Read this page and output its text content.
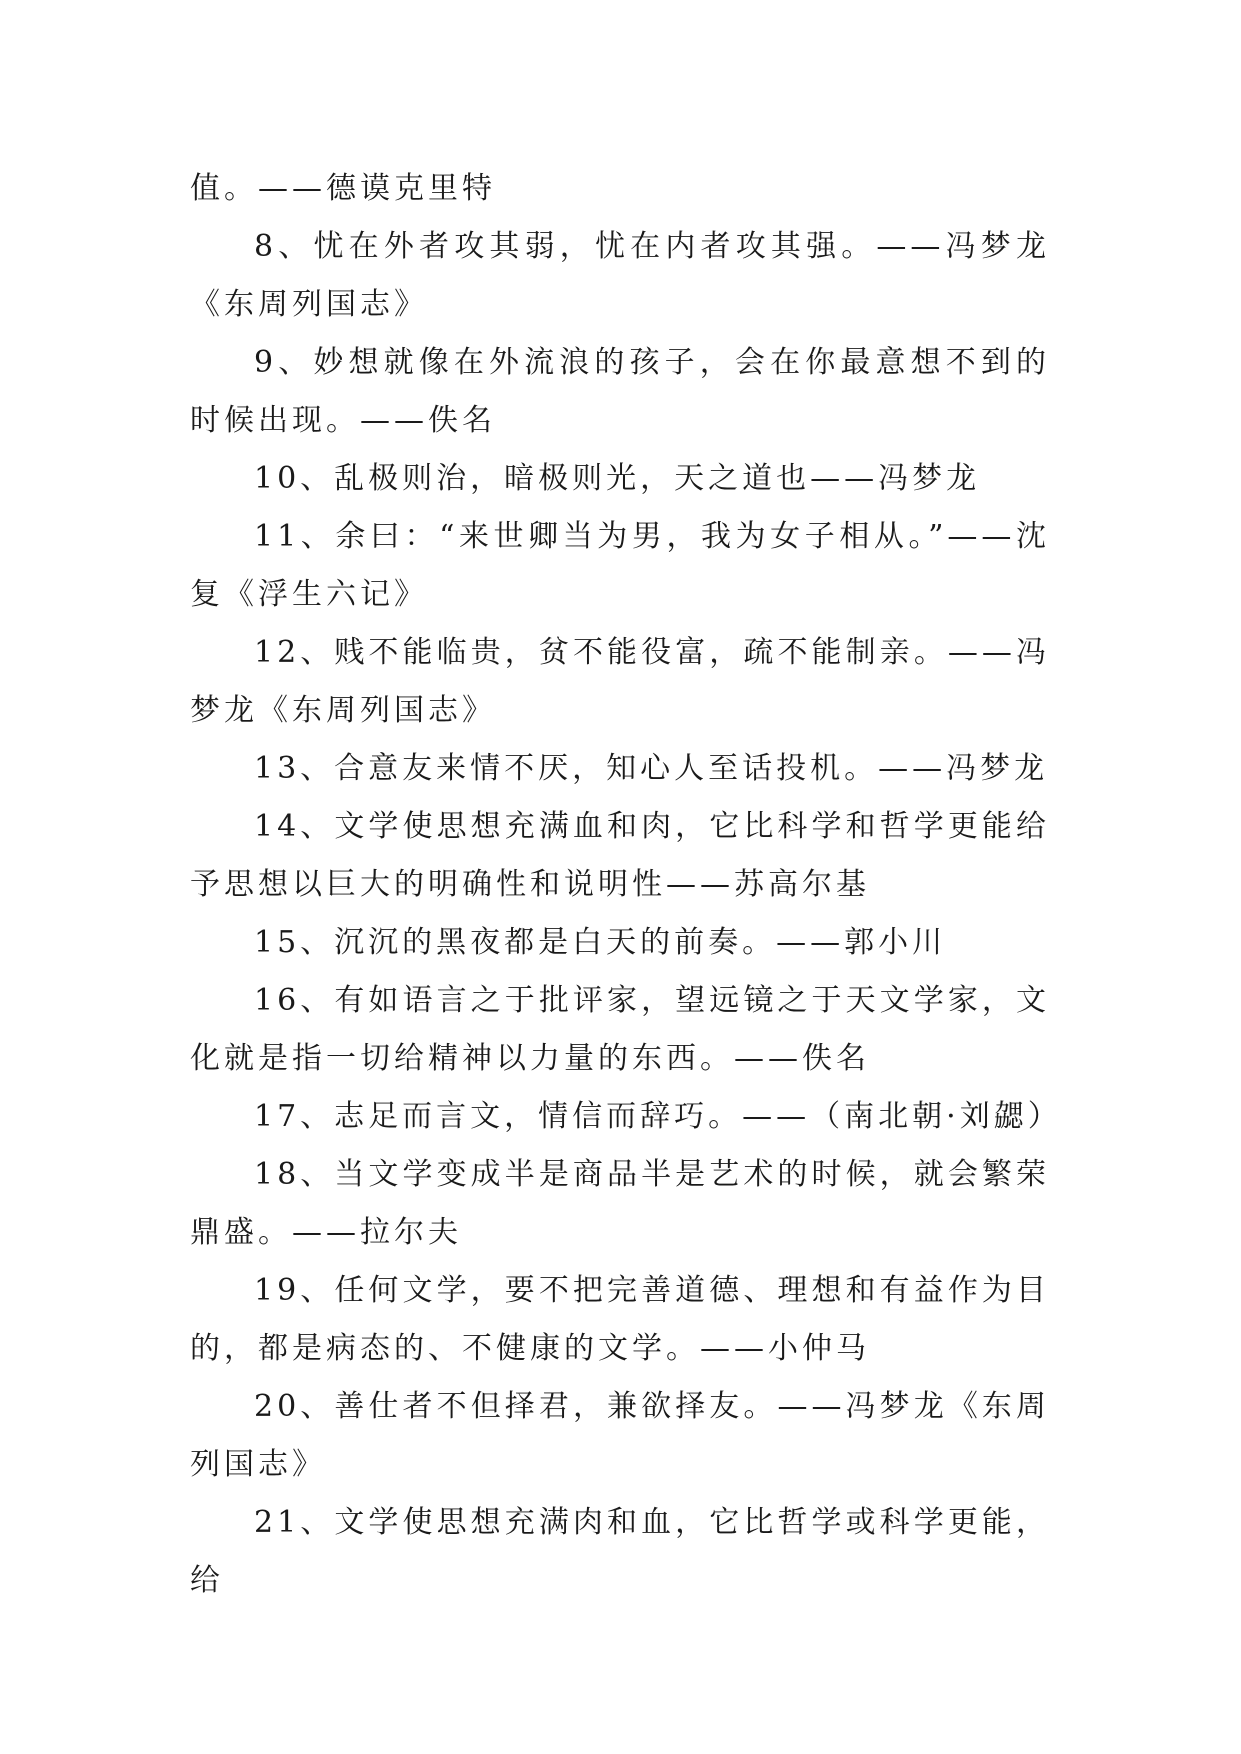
值。——德谟克里特

8、忧在外者攻其弱，忧在内者攻其强。——冯梦龙《东周列国志》

9、妙想就像在外流浪的孩子，会在你最意想不到的时候出现。——佚名

10、乱极则治，暗极则光，天之道也——冯梦龙

11、余曰：“来世卿当为男，我为女子相从。”——沈复《浮生六记》

12、贱不能临贵，贫不能役富，疏不能制亲。——冯梦龙《东周列国志》

13、合意友来情不厌，知心人至话投机。——冯梦龙

14、文学使思想充满血和肉，它比科学和哲学更能给予思想以巨大的明确性和说明性——苏高尔基

15、沉沉的黑夜都是白天的前奏。——郭小川

16、有如语言之于批评家，望远镜之于天文学家，文化就是指一切给精神以力量的东西。——佚名

17、志足而言文，情信而辞巧。——（南北朝·刘勰）

18、当文学变成半是商品半是艺术的时候，就会繁荣鼎盛。——拉尔夫

19、任何文学，要不把完善道德、理想和有益作为目的，都是病态的、不健康的文学。——小仲马

20、善仕者不但择君，兼欲择友。——冯梦龙《东周列国志》

21、文学使思想充满肉和血，它比哲学或科学更能，给
